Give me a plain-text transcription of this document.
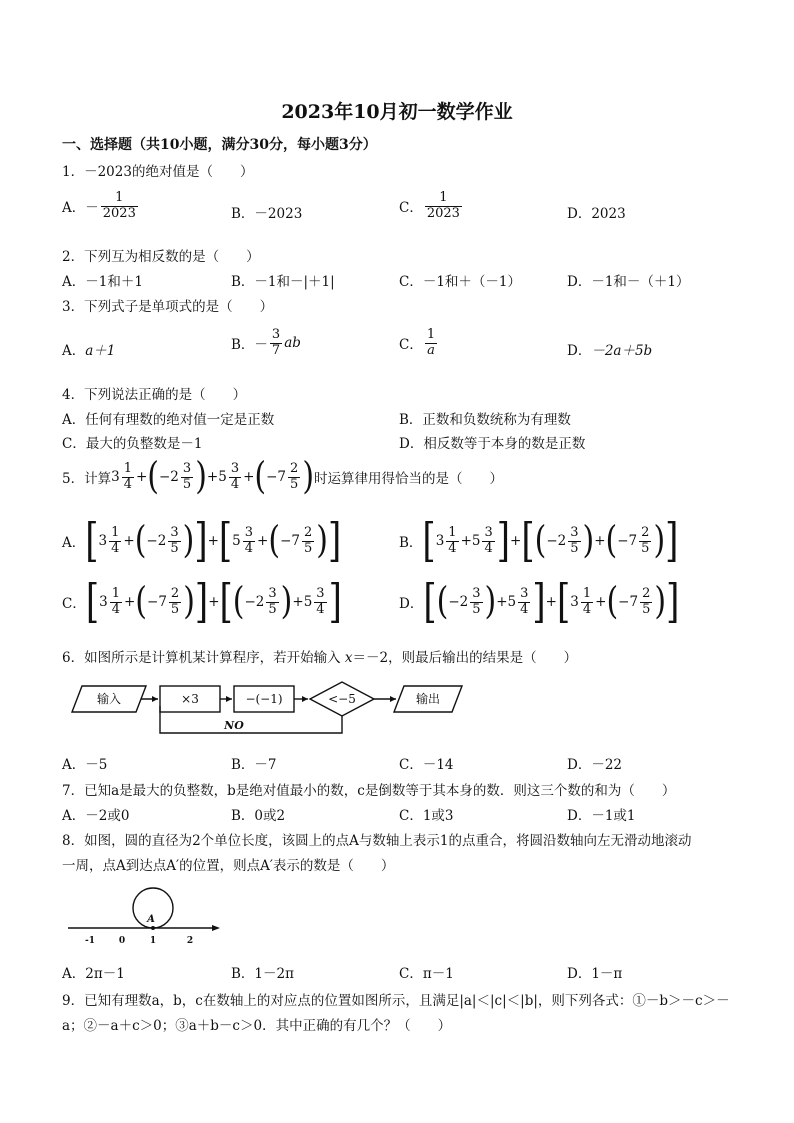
2023年10月初一数学作业
一、选择题（共10小题，满分30分，每小题3分）
1．－2023的绝对值是（　　）
A． － $\frac{1}{2023}$	B．－2023	C． $\frac{1}{2023}$	D．2023
2．下列互为相反数的是（　　）
A．－1和＋1	B．－1和－|＋1|	C．－1和＋（－1）	D．－1和－（＋1）
3．下列式子是单项式的是（　　）
A．a＋1	B． － $\frac{3}{7}$ ab	C． $\frac{1}{a}$	D．－2a＋5b
4．下列说法正确的是（　　）
A．任何有理数的绝对值一定是正数	B．正数和负数统称为有理数
C．最大的负整数是－1	D．相反数等于本身的数是正数
5．计算 $3 \frac{1}{4}$ + ( $-2 \frac{3}{5}$ ) + $5 \frac{3}{4}$ + ( $-7 \frac{2}{5}$ ) 时运算律用得恰当的是（　　）
A． [ $3 \frac{1}{4}$ + ( $-2 \frac{3}{5}$ ) ] + [ $5 \frac{3}{4}$ + ( $-7 \frac{2}{5}$ ) ]	B． [ $3 \frac{1}{4} + 5 \frac{3}{4}$ ] + [ ( $-2 \frac{3}{5}$ ) + ( $-7 \frac{2}{5}$ ) ]
C． [ $3 \frac{1}{4}$ + ( $-7 \frac{2}{5}$ ) ] + [ ( $-2 \frac{3}{5}$ ) + $5 \frac{3}{4}$ ]	D． [ ( $-2 \frac{3}{5}$ ) + $5 \frac{3}{4}$ ] + [ $3 \frac{1}{4}$ + ( $-7 \frac{2}{5}$ ) ]
6．如图所示是计算机某计算程序，若开始输入 x＝－2，则最后输出的结果是（　　）
输入	×3	−(−1)	<−5	输出
NO
A．－5	B．－7	C．－14	D．－22
7．已知a是最大的负整数，b是绝对值最小的数，c是倒数等于其本身的数．则这三个数的和为（　　）
A．－2或0	B．0或2	C．1或3	D．－1或1
8．如图，圆的直径为2个单位长度，该圆上的点A与数轴上表示1的点重合，将圆沿数轴向左无滑动地滚动
一周，点A到达点A′的位置，则点A′表示的数是（　　）
-1	0	1	2
A
A．2π－1	B．1－2π	C．π－1	D．1－π
9．已知有理数a，b，c在数轴上的对应点的位置如图所示，且满足|a|＜|c|＜|b|，则下列各式：①－b＞－c＞－
a；②－a＋c＞0；③a＋b－c＞0．其中正确的有几个？（　　）
